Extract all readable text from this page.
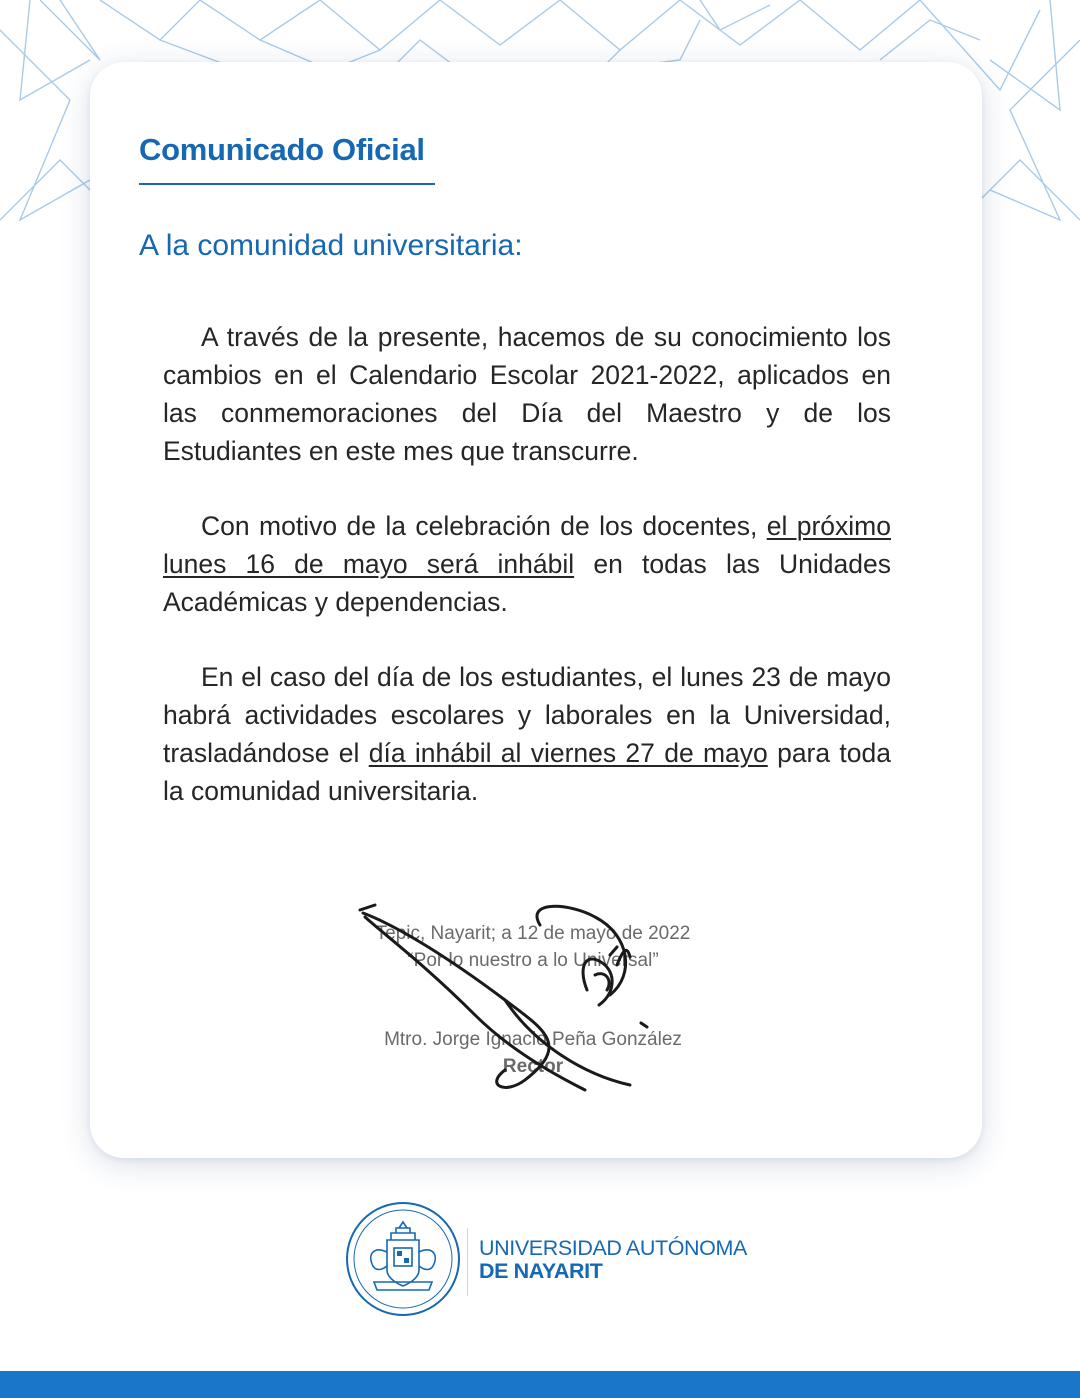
Comunicado Oficial
A la comunidad universitaria:

A través de la presente, hacemos de su conocimiento los cambios en el Calendario Escolar 2021-2022, aplicados en las conmemoraciones del Día del Maestro y de los Estudiantes en este mes que transcurre.

Con motivo de la celebración de los docentes, el próximo lunes 16 de mayo será inhábil en todas las Unidades Académicas y dependencias.

En el caso del día de los estudiantes, el lunes 23 de mayo habrá actividades escolares y laborales en la Universidad, trasladándose el día inhábil al viernes 27 de mayo para toda la comunidad universitaria.

Tepic, Nayarit; a 12 de mayo de 2022
“Por lo nuestro a lo Universal”
Mtro. Jorge Ignacio Peña González
Rector
UNIVERSIDAD AUTÓNOMA
DE NAYARIT
